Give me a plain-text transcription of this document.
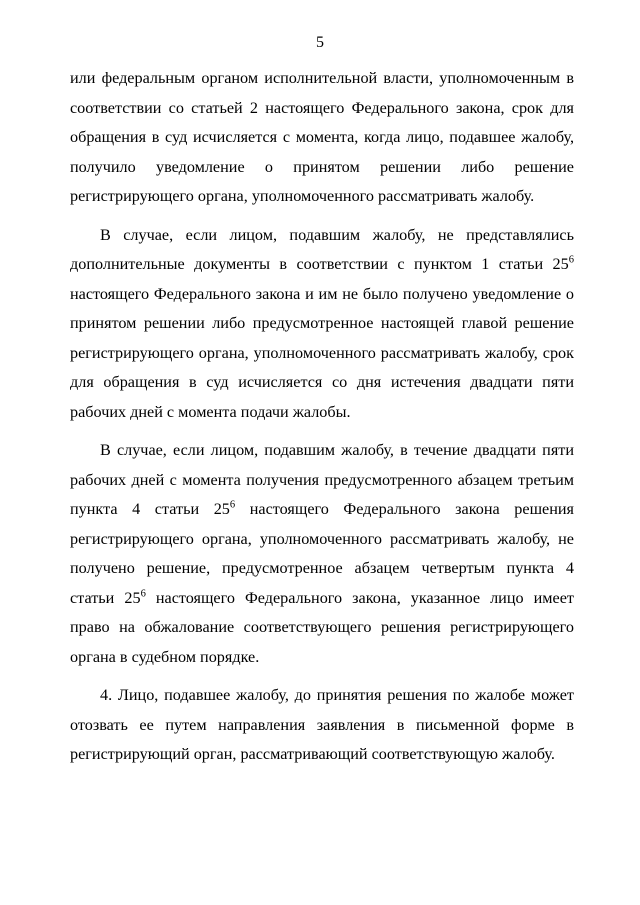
5

или федеральным органом исполнительной власти, уполномоченным в соответствии со статьей 2 настоящего Федерального закона, срок для обращения в суд исчисляется с момента, когда лицо, подавшее жалобу, получило уведомление о принятом решении либо решение регистрирующего органа, уполномоченного рассматривать жалобу.

В случае, если лицом, подавшим жалобу, не представлялись дополнительные документы в соответствии с пунктом 1 статьи $25^6$ настоящего Федерального закона и им не было получено уведомление о принятом решении либо предусмотренное настоящей главой решение регистрирующего органа, уполномоченного рассматривать жалобу, срок для обращения в суд исчисляется со дня истечения двадцати пяти рабочих дней с момента подачи жалобы.

В случае, если лицом, подавшим жалобу, в течение двадцати пяти рабочих дней с момента получения предусмотренного абзацем третьим пункта 4 статьи $25^6$ настоящего Федерального закона решения регистрирующего органа, уполномоченного рассматривать жалобу, не получено решение, предусмотренное абзацем четвертым пункта 4 статьи $25^6$ настоящего Федерального закона, указанное лицо имеет право на обжалование соответствующего решения регистрирующего органа в судебном порядке.

4. Лицо, подавшее жалобу, до принятия решения по жалобе может отозвать ее путем направления заявления в письменной форме в регистрирующий орган, рассматривающий соответствующую жалобу.
